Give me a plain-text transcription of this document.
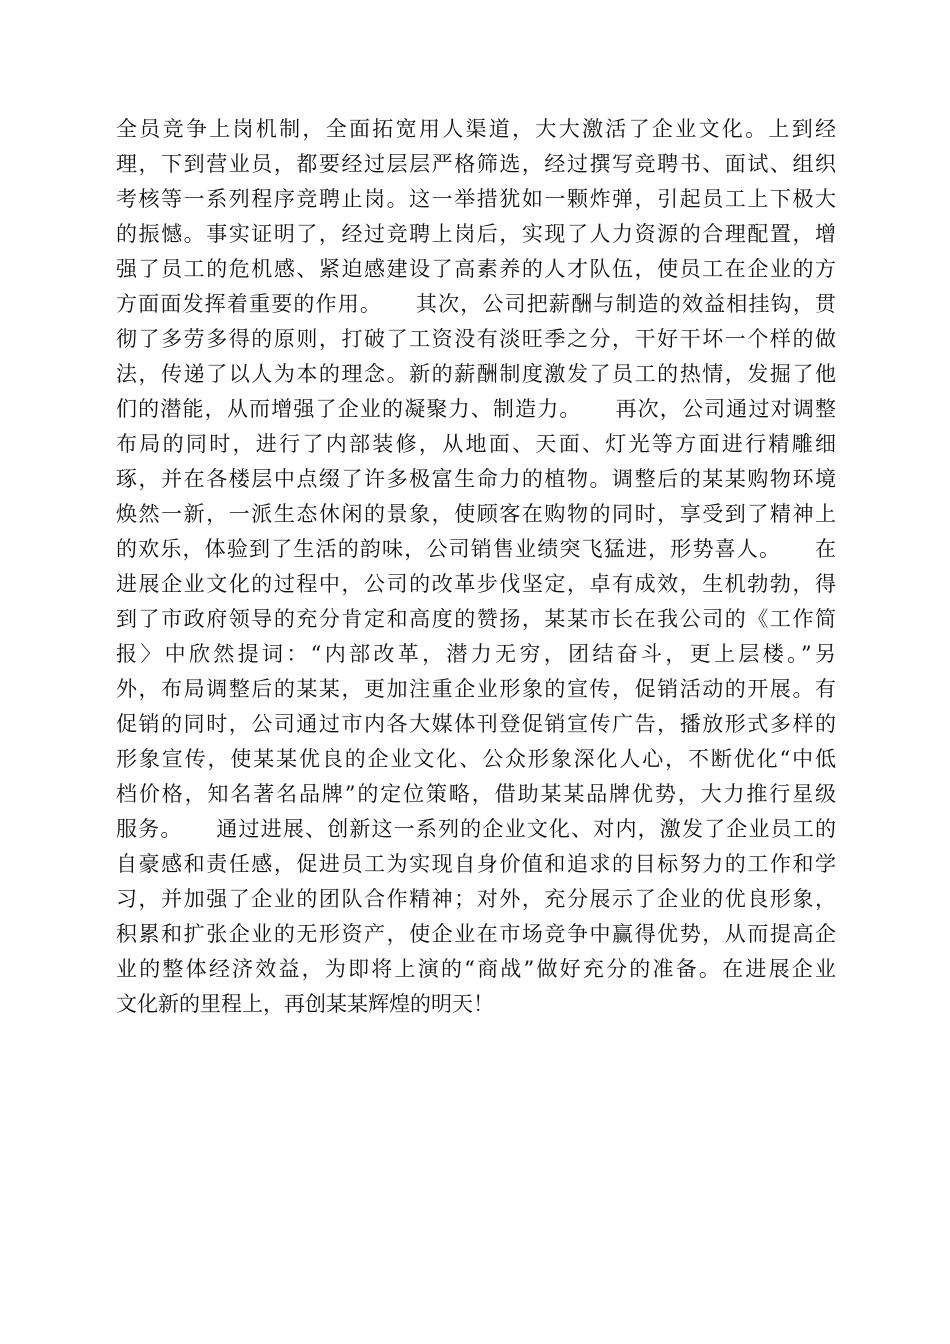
全员竞争上岗机制，全面拓宽用人渠道，大大激活了企业文化。上到经
理，下到营业员，都要经过层层严格筛选，经过撰写竞聘书、面试、组织
考核等一系列程序竞聘止岗。这一举措犹如一颗炸弹，引起员工上下极大
的振憾。事实证明了，经过竞聘上岗后，实现了人力资源的合理配置，增
强了员工的危机感、紧迫感建设了高素养的人才队伍，使员工在企业的方
方面面发挥着重要的作用。　　其次，公司把薪酬与制造的效益相挂钩，贯
彻了多劳多得的原则，打破了工资没有淡旺季之分，干好干坏一个样的做
法，传递了以人为本的理念。新的薪酬制度激发了员工的热情，发掘了他
们的潜能，从而增强了企业的凝聚力、制造力。　　再次，公司通过对调整
布局的同时，进行了内部装修，从地面、天面、灯光等方面进行精雕细
琢，并在各楼层中点缀了许多极富生命力的植物。调整后的某某购物环境
焕然一新，一派生态休闲的景象，使顾客在购物的同时，享受到了精神上
的欢乐，体验到了生活的韵味，公司销售业绩突飞猛进，形势喜人。　　在
进展企业文化的过程中，公司的改革步伐坚定，卓有成效，生机勃勃，得
到了市政府领导的充分肯定和高度的赞扬，某某市长在我公司的《工作简
报〉中欣然提词：“内部改革，潜力无穷，团结奋斗，更上层楼。”另
外，布局调整后的某某，更加注重企业形象的宣传，促销活动的开展。有
促销的同时，公司通过市内各大媒体刊登促销宣传广告，播放形式多样的
形象宣传，使某某优良的企业文化、公众形象深化人心，不断优化“中低
档价格，知名著名品牌”的定位策略，借助某某品牌优势，大力推行星级
服务。　　通过进展、创新这一系列的企业文化、对内，激发了企业员工的
自豪感和责任感，促进员工为实现自身价值和追求的目标努力的工作和学
习，并加强了企业的团队合作精神；对外，充分展示了企业的优良形象，
积累和扩张企业的无形资产，使企业在市场竞争中赢得优势，从而提高企
业的整体经济效益，为即将上演的“商战”做好充分的准备。在进展企业
文化新的里程上，再创某某辉煌的明天！
